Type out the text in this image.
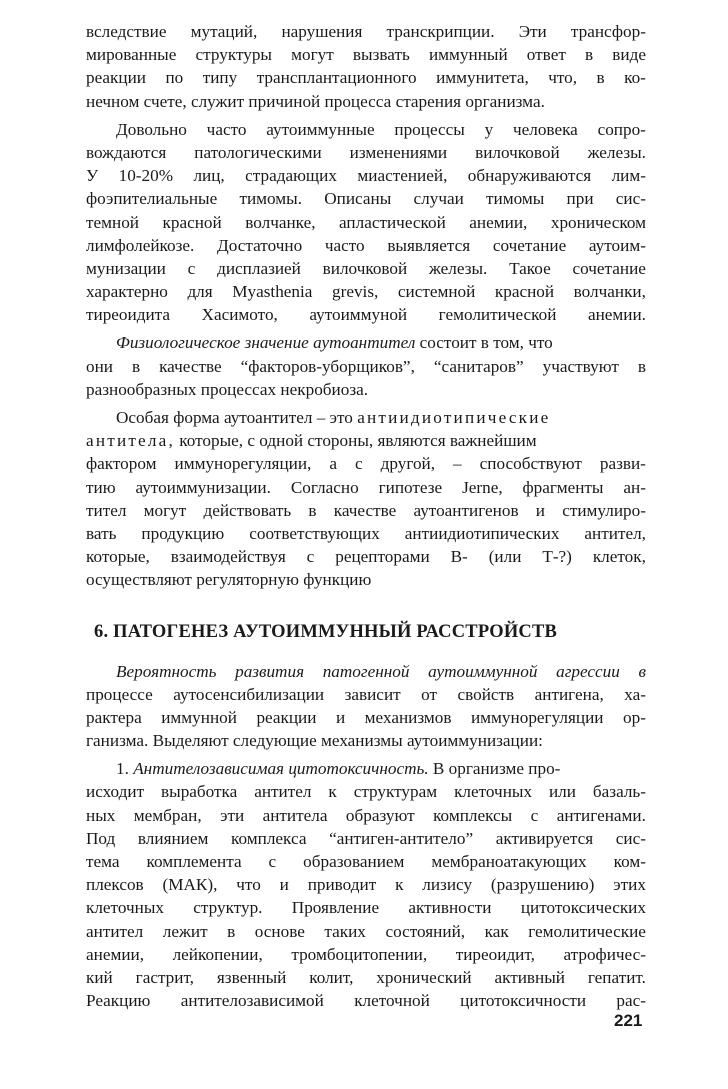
вследствие мутаций, нарушения транскрипции. Эти трансфор-
мированные структуры могут вызвать иммунный ответ в виде
реакции по типу трансплантационного иммунитета, что, в ко-
нечном счете, служит причиной процесса старения организма.
Довольно часто аутоиммунные процессы у человека сопро-
вождаются патологическими изменениями вилочковой железы.
У 10-20% лиц, страдающих миастенией, обнаруживаются лим-
фоэпителиальные тимомы. Описаны случаи тимомы при сис-
темной красной волчанке, апластической анемии, хроническом
лимфолейкозе. Достаточно часто выявляется сочетание аутоим-
мунизации с дисплазией вилочковой железы. Такое сочетание
характерно для Myasthenia grevis, системной красной волчанки,
тиреоидита Хасимото, аутоиммуной гемолитической анемии.
Физиологическое значение аутоантител
состоит в том, что
они в качестве “факторов-уборщиков”, “санитаров” участвуют в
разнообразных процессах некробиоза.
Особая форма аутоантител – это
антиидиотипические
антитела,
которые, с одной стороны, являются важнейшим
фактором иммунорегуляции, а с другой, – способствуют разви-
тию аутоиммунизации. Согласно гипотезе Jerne, фрагменты ан-
тител могут действовать в качестве аутоантигенов и стимулиро-
вать продукцию соответствующих антиидиотипических антител,
которые, взаимодействуя с рецепторами В- (или Т-?) клеток,
осуществляют регуляторную функцию
6. ПАТОГЕНЕЗ АУТОИММУННЫЙ РАССТРОЙСТВ
Вероятность развития патогенной аутоиммунной агрессии в
процессе аутосенсибилизации зависит от свойств антигена, ха-
рактера иммунной реакции и механизмов иммунорегуляции ор-
ганизма. Выделяют следующие механизмы аутоиммунизации:
1.
Антителозависимая цитотоксичность.
В организме про-
исходит выработка антител к структурам клеточных или базаль-
ных мембран, эти антитела образуют комплексы с антигенами.
Под влиянием комплекса “антиген-антитело” активируется сис-
тема комплемента с образованием мембраноатакующих ком-
плексов (МАК), что и приводит к лизису (разрушению) этих
клеточных структур. Проявление активности цитотоксических
антител лежит в основе таких состояний, как гемолитические
анемии, лейкопении, тромбоцитопении, тиреоидит, атрофичес-
кий гастрит, язвенный колит, хронический активный гепатит.
Реакцию антителозависимой клеточной цитотоксичности рас-
221
